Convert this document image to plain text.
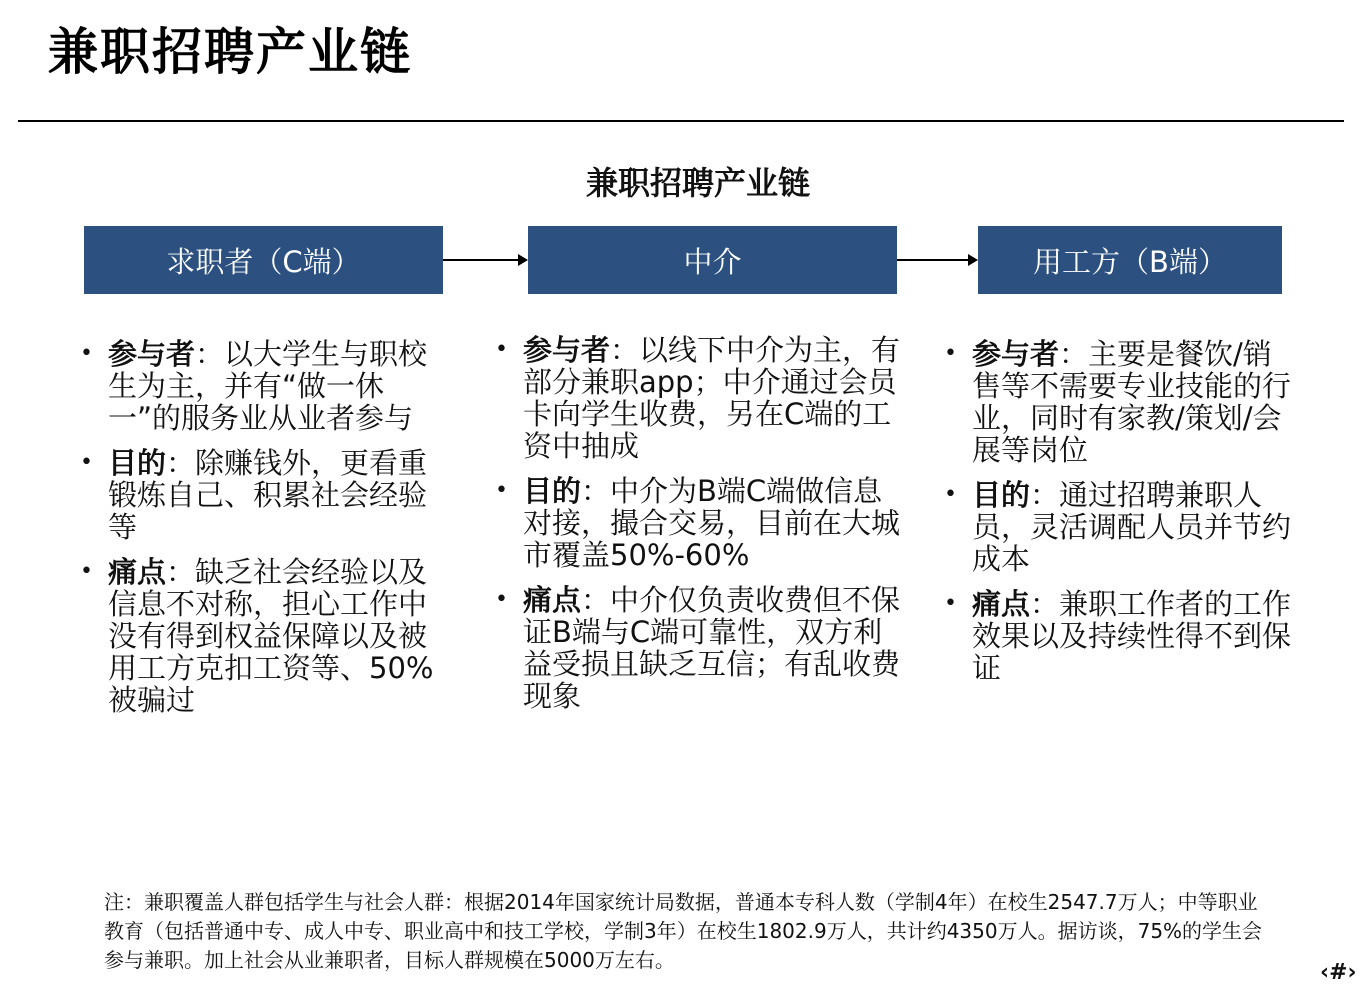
兼职招聘产业链
兼职招聘产业链
求职者（C端）	中介	用工方（B端）
• 参与者：以大学生与职校生为主，并有“做一休一”的服务业从业者参与
• 目的：除赚钱外，更看重锻炼自己、积累社会经验等
• 痛点：缺乏社会经验以及信息不对称，担心工作中没有得到权益保障以及被用工方克扣工资等、50%被骗过
• 参与者：以线下中介为主，有部分兼职app；中介通过会员卡向学生收费，另在C端的工资中抽成
• 目的：中介为B端C端做信息对接，撮合交易，目前在大城市覆盖50%-60%
• 痛点：中介仅负责收费但不保证B端与C端可靠性，双方利益受损且缺乏互信；有乱收费现象
• 参与者：主要是餐饮/销售等不需要专业技能的行业，同时有家教/策划/会展等岗位
• 目的：通过招聘兼职人员，灵活调配人员并节约成本
• 痛点：兼职工作者的工作效果以及持续性得不到保证
注：兼职覆盖人群包括学生与社会人群：根据2014年国家统计局数据，普通本专科人数（学制4年）在校生2547.7万人；中等职业教育（包括普通中专、成人中专、职业高中和技工学校，学制3年）在校生1802.9万人，共计约4350万人。据访谈，75%的学生会参与兼职。加上社会从业兼职者，目标人群规模在5000万左右。	‹#›
